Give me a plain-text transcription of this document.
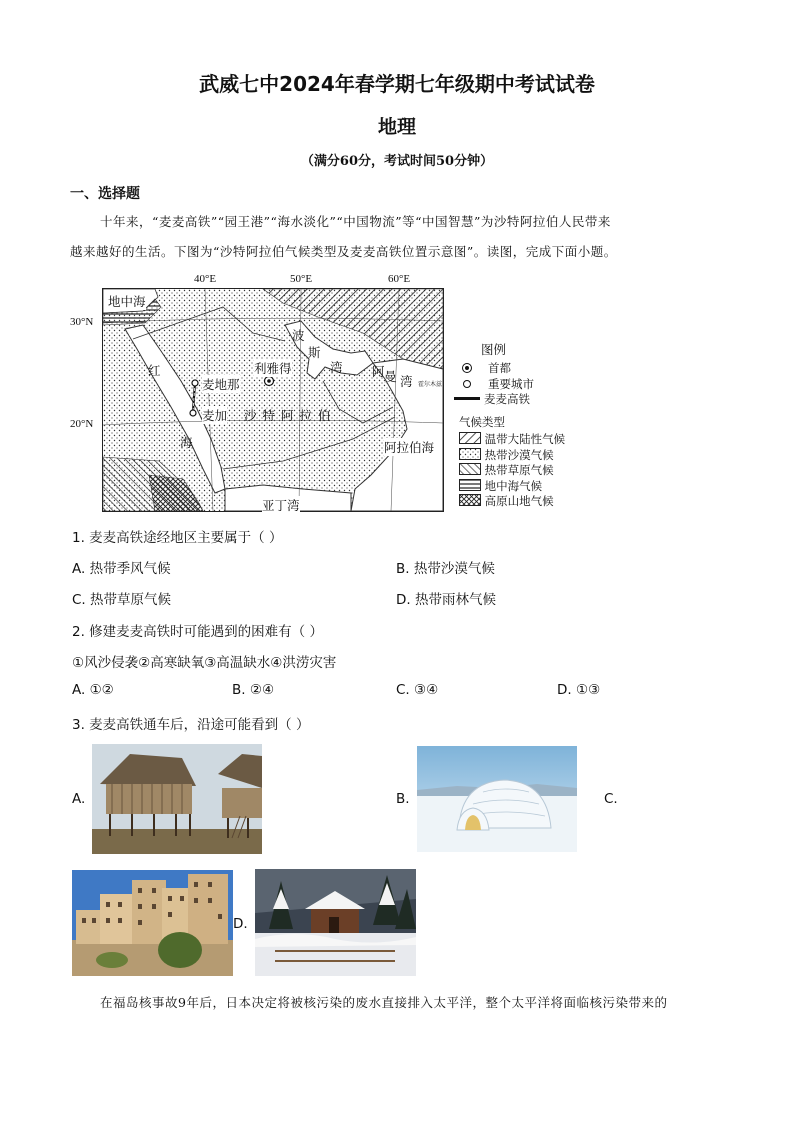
武威七中2024年春学期七年级期中考试试卷
地理
（满分60分，考试时间50分钟）
一、选择题
十年来，“麦麦高铁”“园王港”“海水淡化”“中国物流”等“中国智慧”为沙特阿拉伯人民带来
越来越好的生活。下图为“沙特阿拉伯气候类型及麦麦高铁位置示意图”。读图，完成下面小题。
40°E	50°E	60°E
30°N
20°N
地中海
波
斯
湾
红
海
利雅得
麦地那
麦加 沙 特 阿 拉 伯
阿拉伯海
亚丁湾
阿 曼 湾 霍尔木兹
图例
首都
重要城市
麦麦高铁
气候类型
温带大陆性气候
热带沙漠气候
热带草原气候
地中海气候
高原山地气候
1. 麦麦高铁途经地区主要属于（ ）
A. 热带季风气候	B. 热带沙漠气候
C. 热带草原气候	D. 热带雨林气候
2. 修建麦麦高铁时可能遇到的困难有（ ）
①风沙侵袭②高寒缺氧③高温缺水④洪涝灾害
A. ①②	B. ②④	C. ③④	D. ①③
3. 麦麦高铁通车后，沿途可能看到（ ）
A.	B.	C.
D.
在福岛核事故9年后，日本决定将被核污染的废水直接排入太平洋，整个太平洋将面临核污染带来的
